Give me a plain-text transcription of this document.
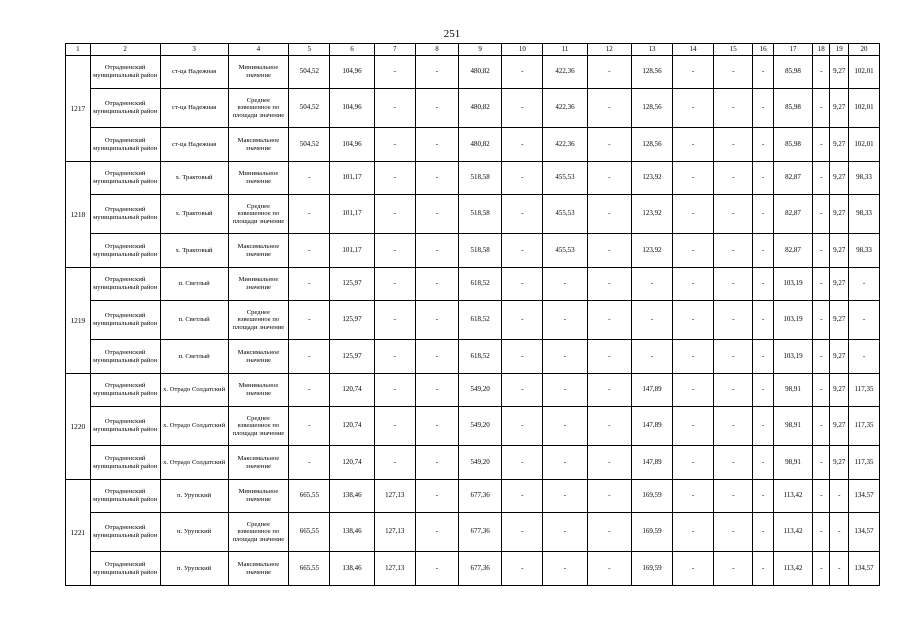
251
1	2	3	4	5	6	7	8	9	10	11	12	13	14	15	16	17	18	19	20
1217	Отрадненский муниципальный район	ст-ца Надежная	Минимальное значение	504,52	104,96	-	-	480,82	-	422,36	-	128,56	-	-	-	85,98	-	9,27	102,01
	Отрадненский муниципальный район	ст-ца Надежная	Среднее взвешенное по площади значение	504,52	104,96	-	-	480,82	-	422,36	-	128,56	-	-	-	85,98	-	9,27	102,01
	Отрадненский муниципальный район	ст-ца Надежная	Максимальное значение	504,52	104,96	-	-	480,82	-	422,36	-	128,56	-	-	-	85,98	-	9,27	102,01
1218	Отрадненский муниципальный район	х. Трактовый	Минимальное значение	-	101,17	-	-	518,58	-	455,53	-	123,92	-	-	-	82,87	-	9,27	98,33
	Отрадненский муниципальный район	х. Трактовый	Среднее взвешенное по площади значение	-	101,17	-	-	518,58	-	455,53	-	123,92	-	-	-	82,87	-	9,27	98,33
	Отрадненский муниципальный район	х. Трактовый	Максимальное значение	-	101,17	-	-	518,58	-	455,53	-	123,92	-	-	-	82,87	-	9,27	98,33
1219	Отрадненский муниципальный район	п. Светлый	Минимальное значение	-	125,97	-	-	618,52	-	-	-	-	-	-	-	103,19	-	9,27	-
	Отрадненский муниципальный район	п. Светлый	Среднее взвешенное по площади значение	-	125,97	-	-	618,52	-	-	-	-	-	-	-	103,19	-	9,27	-
	Отрадненский муниципальный район	п. Светлый	Максимальное значение	-	125,97	-	-	618,52	-	-	-	-	-	-	-	103,19	-	9,27	-
1220	Отрадненский муниципальный район	х. Отрадо Солдатский	Минимальное значение	-	120,74	-	-	549,20	-	-	-	147,89	-	-	-	98,91	-	9,27	117,35
	Отрадненский муниципальный район	х. Отрадо Солдатский	Среднее взвешенное по площади значение	-	120,74	-	-	549,20	-	-	-	147,89	-	-	-	98,91	-	9,27	117,35
	Отрадненский муниципальный район	х. Отрадо Солдатский	Максимальное значение	-	120,74	-	-	549,20	-	-	-	147,89	-	-	-	98,91	-	9,27	117,35
1221	Отрадненский муниципальный район	п. Урупский	Минимальное значение	665,55	138,46	127,13	-	677,36	-	-	-	169,59	-	-	-	113,42	-	-	134,57
	Отрадненский муниципальный район	п. Урупский	Среднее взвешенное по площади значение	665,55	138,46	127,13	-	677,36	-	-	-	169,59	-	-	-	113,42	-	-	134,57
	Отрадненский муниципальный район	п. Урупский	Максимальное значение	665,55	138,46	127,13	-	677,36	-	-	-	169,59	-	-	-	113,42	-	-	134,57
